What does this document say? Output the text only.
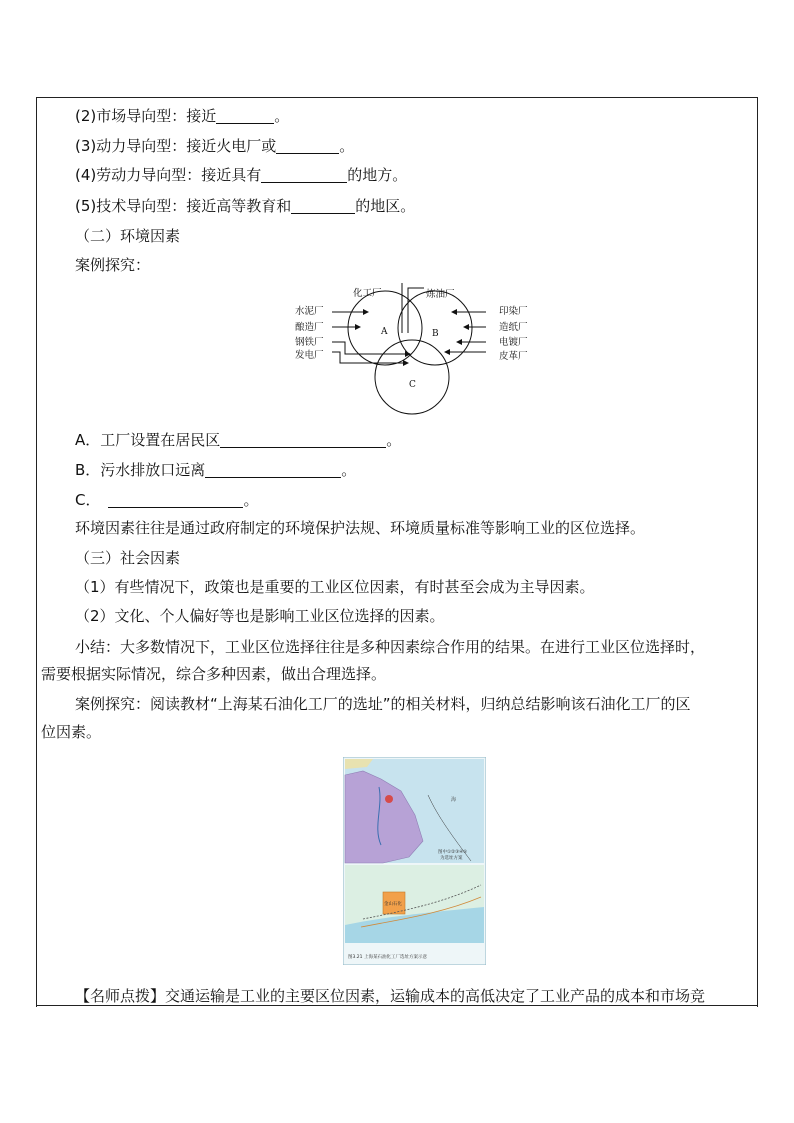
(2)市场导向型：接近	。
(3)动力导向型：接近火电厂或	。
(4)劳动力导向型：接近具有	的地方。
(5)技术导向型：接近高等教育和	的地区。
（二）环境因素
案例探究：
化工厂	炼油厂
水泥厂
酿造厂
钢铁厂
发电厂
印染厂
造纸厂
电镀厂
皮革厂
A	B
C
A．工厂设置在居民区	。
B．污水排放口远离	。
C．	。
环境因素往往是通过政府制定的环境保护法规、环境质量标准等影响工业的区位选择。
（三）社会因素
（1）有些情况下，政策也是重要的工业区位因素，有时甚至会成为主导因素。
（2）文化、个人偏好等也是影响工业区位选择的因素。
小结：大多数情况下，工业区位选择往往是多种因素综合作用的结果。在进行工业区位选择时，
需要根据实际情况，综合多种因素，做出合理选择。
案例探究：阅读教材“上海某石油化工厂的选址”的相关材料，归纳总结影响该石油化工厂的区
位因素。
海
图中①②③④⑤
为选址方案
金山石化
图3.21 上海某石油化工厂选址方案示意
【名师点拨】交通运输是工业的主要区位因素，运输成本的高低决定了工业产品的成本和市场竞
